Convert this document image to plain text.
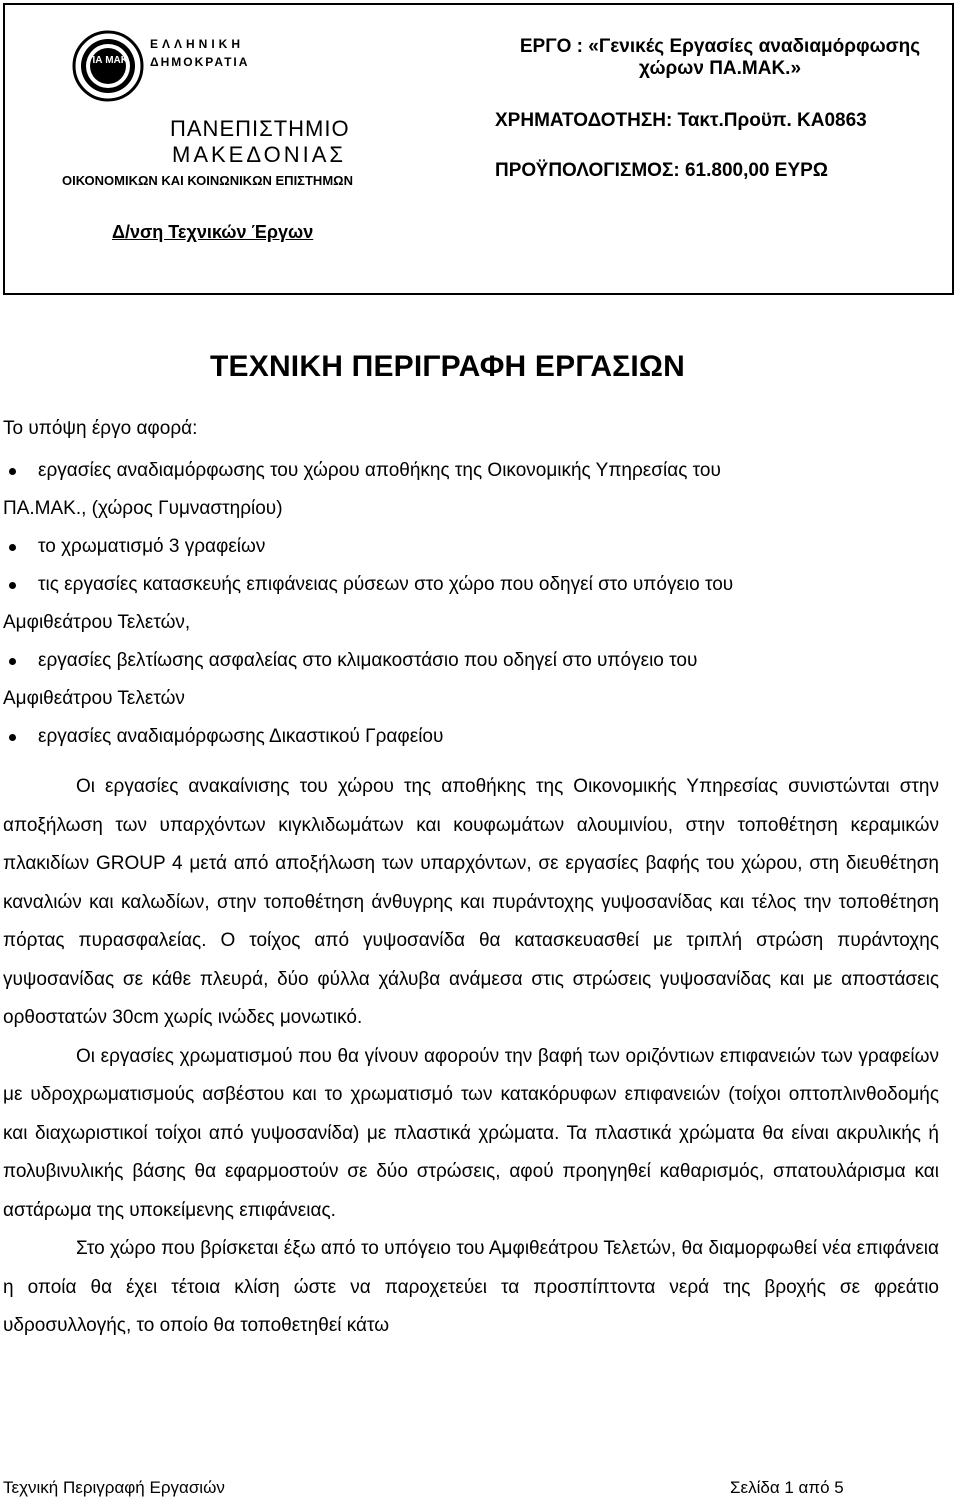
ΠΑ ΜΑΚ
ΕΛΛΗΝΙΚΗ
ΔΗΜΟΚΡΑΤΙΑ
ΠΑΝΕΠΙΣΤΗΜΙΟ
ΜΑΚΕΔΟΝΙΑΣ
ΟΙΚΟΝΟΜΙΚΩΝ ΚΑΙ ΚΟΙΝΩΝΙΚΩΝ ΕΠΙΣΤΗΜΩΝ
ΕΡΓΟ : «Γενικές Εργασίες αναδιαμόρφωσης
χώρων ΠΑ.ΜΑΚ.»
ΧΡΗΜΑΤΟΔΟΤΗΣΗ: Τακτ.Προϋπ. ΚΑ0863
ΠΡΟΫΠΟΛΟΓΙΣΜΟΣ: 61.800,00 ΕΥΡΩ
Δ/νση Τεχνικών Έργων
ΤΕΧΝΙΚΗ ΠΕΡΙΓΡΑΦΗ ΕΡΓΑΣΙΩΝ
Το υπόψη έργο αφορά:
εργασίες αναδιαμόρφωσης του χώρου αποθήκης της Οικονομικής Υπηρεσίας του
ΠΑ.ΜΑΚ., (χώρος Γυμναστηρίου)
το χρωματισμό 3 γραφείων
τις εργασίες κατασκευής επιφάνειας ρύσεων στο χώρο που οδηγεί στο υπόγειο του
Αμφιθεάτρου Τελετών,
εργασίες βελτίωσης ασφαλείας στο κλιμακοστάσιο που οδηγεί στο υπόγειο του
Αμφιθεάτρου Τελετών
εργασίες αναδιαμόρφωσης Δικαστικού Γραφείου

Οι εργασίες ανακαίνισης του χώρου της αποθήκης της Οικονομικής Υπηρεσίας συνιστώνται στην αποξήλωση των υπαρχόντων κιγκλιδωμάτων και κουφωμάτων αλουμινίου, στην τοποθέτηση κεραμικών πλακιδίων GROUP 4 μετά από αποξήλωση των υπαρχόντων, σε εργασίες βαφής του χώρου, στη διευθέτηση καναλιών και καλωδίων, στην τοποθέτηση άνθυγρης και πυράντοχης γυψοσανίδας και τέλος την τοποθέτηση πόρτας πυρασφαλείας. Ο τοίχος από γυψοσανίδα θα κατασκευασθεί με τριπλή στρώση πυράντοχης γυψοσανίδας σε κάθε πλευρά, δύο φύλλα χάλυβα ανάμεσα στις στρώσεις γυψοσανίδας και με αποστάσεις ορθοστατών 30cm χωρίς ινώδες μονωτικό.

Οι εργασίες χρωματισμού που θα γίνουν αφορούν την βαφή των οριζόντιων επιφανειών των γραφείων με υδροχρωματισμούς ασβέστου και το χρωματισμό των κατακόρυφων επιφανειών (τοίχοι οπτοπλινθοδομής και διαχωριστικοί τοίχοι από γυψοσανίδα) με πλαστικά χρώματα. Τα πλαστικά χρώματα θα είναι ακρυλικής ή πολυβινυλικής βάσης θα εφαρμοστούν σε δύο στρώσεις, αφού προηγηθεί καθαρισμός, σπατουλάρισμα και αστάρωμα της υποκείμενης επιφάνειας.

Στο χώρο που βρίσκεται έξω από το υπόγειο του Αμφιθεάτρου Τελετών, θα διαμορφωθεί νέα επιφάνεια η οποία θα έχει τέτοια κλίση ώστε να παροχετεύει τα προσπίπτοντα νερά της βροχής σε φρεάτιο υδροσυλλογής, το οποίο θα τοποθετηθεί κάτω

Τεχνική Περιγραφή Εργασιών	Σελίδα 1 από 5
